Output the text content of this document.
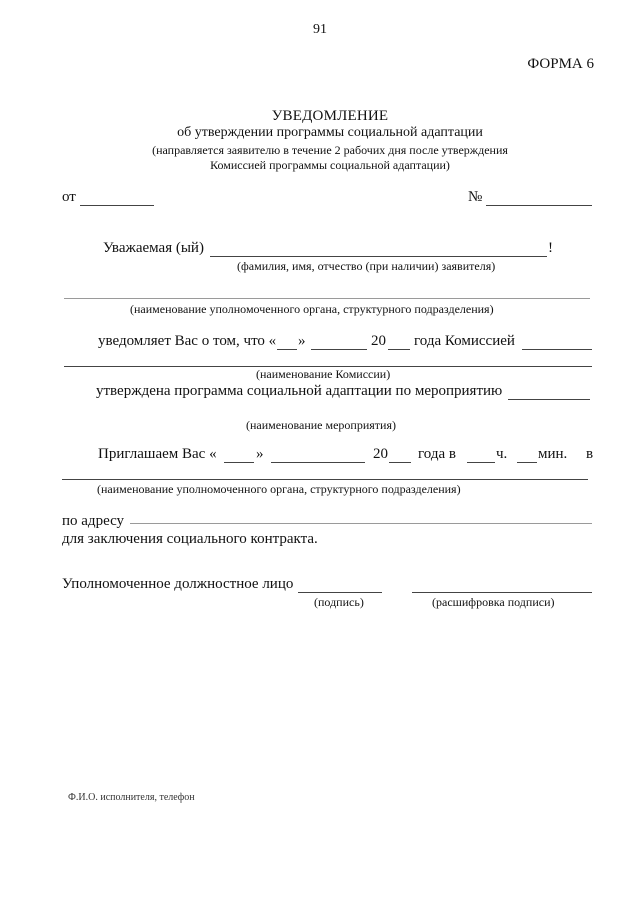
91
ФОРМА 6
УВЕДОМЛЕНИЕ
об утверждении программы социальной адаптации
(направляется заявителю в течение 2 рабочих дня после утверждения
Комиссией программы социальной адаптации)
от	№
Уважаемая (ый)	!
(фамилия, имя, отчество (при наличии) заявителя)
(наименование уполномоченного органа, структурного подразделения)
уведомляет Вас о том, что « »	20 года Комиссией
(наименование Комиссии)
утверждена программа социальной адаптации по мероприятию
(наименование мероприятия)
Приглашаем Вас «	»	20 года в	ч. мин. в
(наименование уполномоченного органа, структурного подразделения)
по адресу
для заключения социального контракта.
Уполномоченное должностное лицо
(подпись)	(расшифровка подписи)
Ф.И.О. исполнителя, телефон
